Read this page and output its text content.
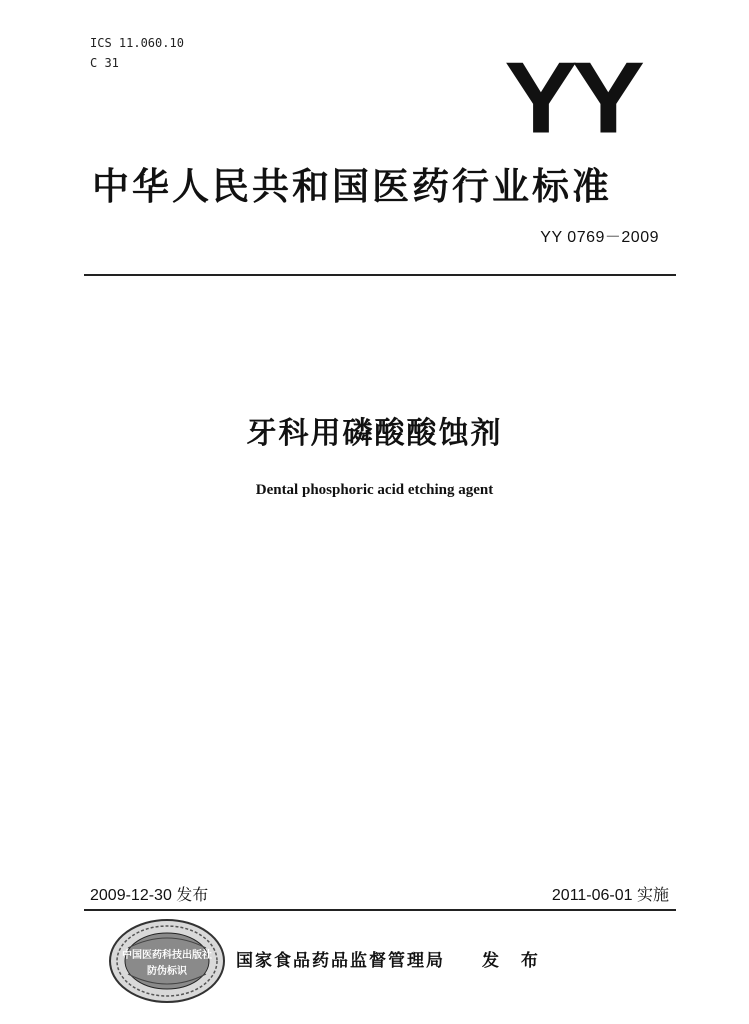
ICS 11.060.10
C 31	YY
中华人民共和国医药行业标准
YY 0769－2009
牙科用磷酸酸蚀剂
Dental phosphoric acid etching agent
2009-12-30 发布	2011-06-01 实施
中国医药科技出版社
防伪标识
国家食品药品监督管理局 发 布
